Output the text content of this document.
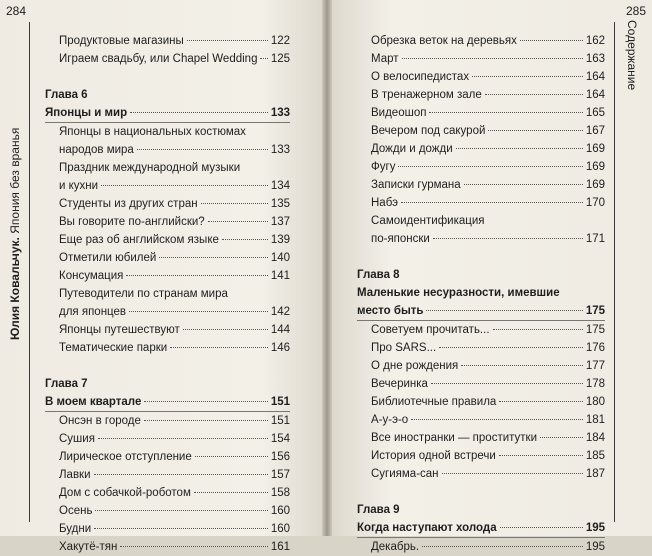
284
Юлия Ковальчук. Япония без вранья
Продуктовые магазины	122
Играем свадьбу, или Chapel Wedding 125
Глава 6
Японцы и мир	133
Японцы в национальных костюмах
народов мира	133
Праздник международной музыки
и кухни	134
Студенты из других стран	135
Вы говорите по-английски?	137
Еще раз об английском языке	139
Отметили юбилей	140
Консумация	141
Путеводители по странам мира
для японцев	142
Японцы путешествуют	144
Тематические парки	146
Глава 7
В моем квартале	151
Онсэн в городе	151
Сушия	154
Лирическое отступление	156
Лавки	157
Дом с собачкой-роботом	158
Осень	160
Будни	160
Хакутё-тян	161
285
Содержание
Обрезка веток на деревьях	162
Март	163
О велосипедистах	164
В тренажерном зале	164
Видеошоп	165
Вечером под сакурой	167
Дожди и дожди	169
Фугу	169
Записки гурмана	169
Набэ	170
Самоидентификация
по-японски	171
Глава 8
Маленькие несуразности, имевшие
место быть	175
Советуем прочитать...	175
Про SARS...	176
О дне рождения	177
Вечеринка	178
Библиотечные правила	180
А-у-э-о	181
Все иностранки — проститутки	184
История одной встречи	185
Сугияма-сан	187
Глава 9
Когда наступают холода	195
Декабрь.	195
